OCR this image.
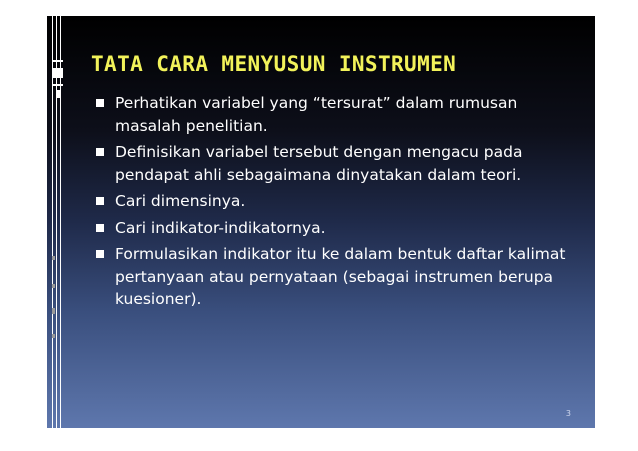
TATA CARA MENYUSUN INSTRUMEN
Perhatikan variabel yang “tersurat” dalam rumusan masalah penelitian.
Definisikan variabel tersebut dengan mengacu pada pendapat ahli sebagaimana dinyatakan dalam teori.
Cari dimensinya.
Cari indikator-indikatornya.
Formulasikan indikator itu ke dalam bentuk daftar kalimat pertanyaan atau pernyataan (sebagai instrumen berupa kuesioner).
3
